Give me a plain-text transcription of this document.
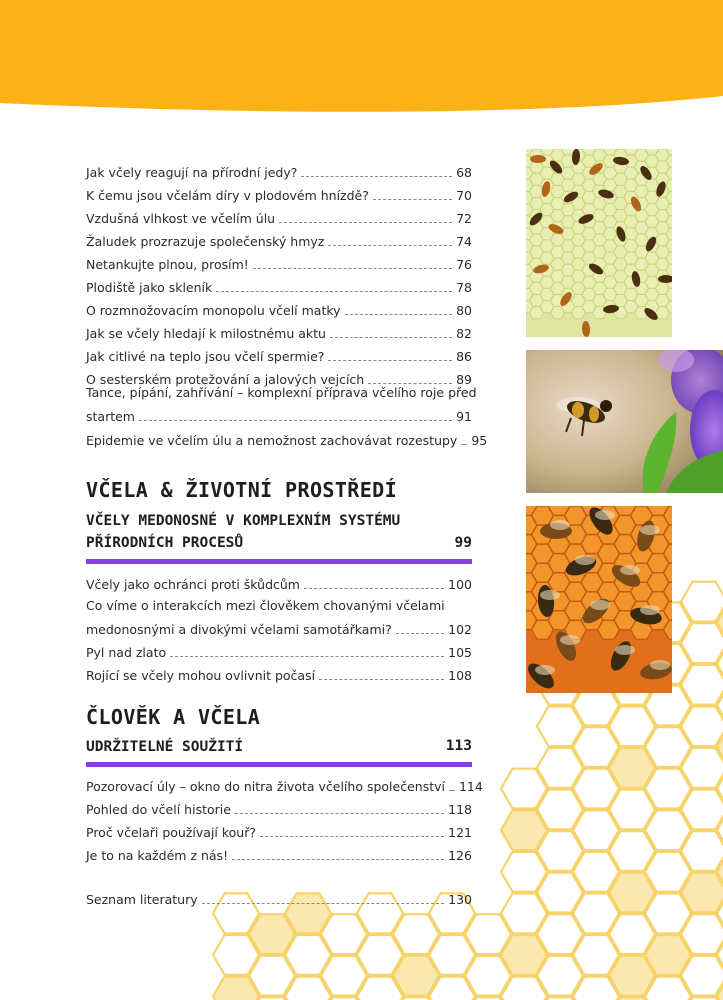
Jak včely reagují na přírodní jedy?	68
K čemu jsou včelám díry v plodovém hnízdě?	70
Vzdušná vlhkost ve včelím úlu	72
Žaludek prozrazuje společenský hmyz	74
Netankujte plnou, prosím!	76
Plodiště jako skleník	78
O rozmnožovacím monopolu včelí matky	80
Jak se včely hledají k milostnému aktu	82
Jak citlivé na teplo jsou včelí spermie?	86
O sesterském protežování a jalových vejcích	89
Tance, pípání, zahřívání – komplexní příprava včelího roje před
startem	91
Epidemie ve včelím úlu a nemožnost zachovávat rozestupy 95
VČELA & ŽIVOTNÍ PROSTŘEDÍ
VČELY MEDONOSNÉ V KOMPLEXNÍM SYSTÉMU
PŘÍRODNÍCH PROCESŮ	99
Včely jako ochránci proti škůdcům	100
Co víme o interakcích mezi člověkem chovanými včelami
medonosnými a divokými včelami samotářkami?	102
Pyl nad zlato	105
Rojící se včely mohou ovlivnit počasí	108
ČLOVĚK A VČELA
UDRŽITELNÉ SOUŽITÍ	113
Pozorovací úly – okno do nitra života včelího společenství 114
Pohled do včelí historie	118
Proč včelaři používají kouř?	121
Je to na každém z nás!	126
Seznam literatury	130
